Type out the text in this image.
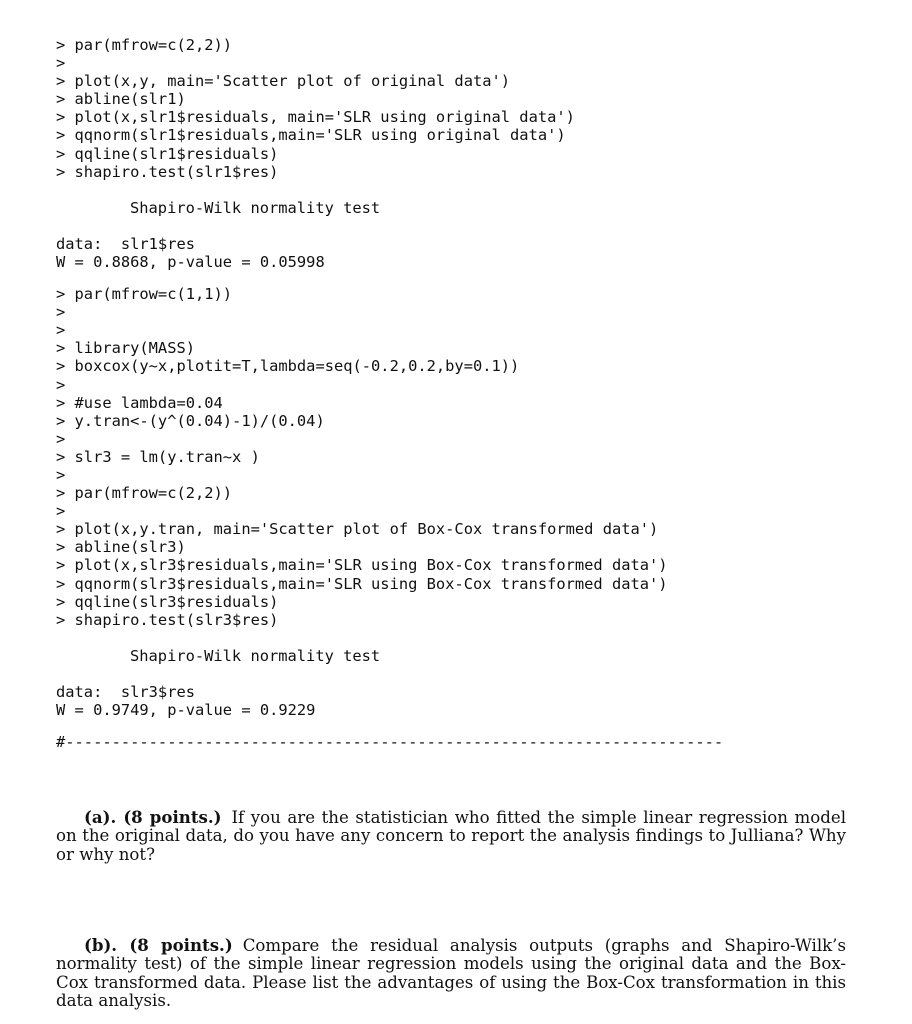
> par(mfrow=c(2,2))
>
> plot(x,y, main='Scatter plot of original data')
> abline(slr1)
> plot(x,slr1$residuals, main='SLR using original data')
> qqnorm(slr1$residuals,main='SLR using original data')
> qqline(slr1$residuals)
> shapiro.test(slr1$res)
Shapiro-Wilk normality test
data:  slr1$res
W = 0.8868, p-value = 0.05998
> par(mfrow=c(1,1))
>
>
> library(MASS)
> boxcox(y~x,plotit=T,lambda=seq(-0.2,0.2,by=0.1))
>
> #use lambda=0.04
> y.tran<-(y^(0.04)-1)/(0.04)
>
> slr3 = lm(y.tran~x )
>
> par(mfrow=c(2,2))
>
> plot(x,y.tran, main='Scatter plot of Box-Cox transformed data')
> abline(slr3)
> plot(x,slr3$residuals,main='SLR using Box-Cox transformed data')
> qqnorm(slr3$residuals,main='SLR using Box-Cox transformed data')
> qqline(slr3$residuals)
> shapiro.test(slr3$res)
Shapiro-Wilk normality test
data:  slr3$res
W = 0.9749, p-value = 0.9229
#-----------------------------------------------------------------------
(a). (8 points.) If you are the statistician who fitted the simple linear regression model on the original data, do you have any concern to report the analysis findings to Julliana? Why or why not?
(b). (8 points.) Compare the residual analysis outputs (graphs and Shapiro-Wilk’s normality test) of the simple linear regression models using the original data and the Box-Cox transformed data. Please list the advantages of using the Box-Cox transformation in this data analysis.
